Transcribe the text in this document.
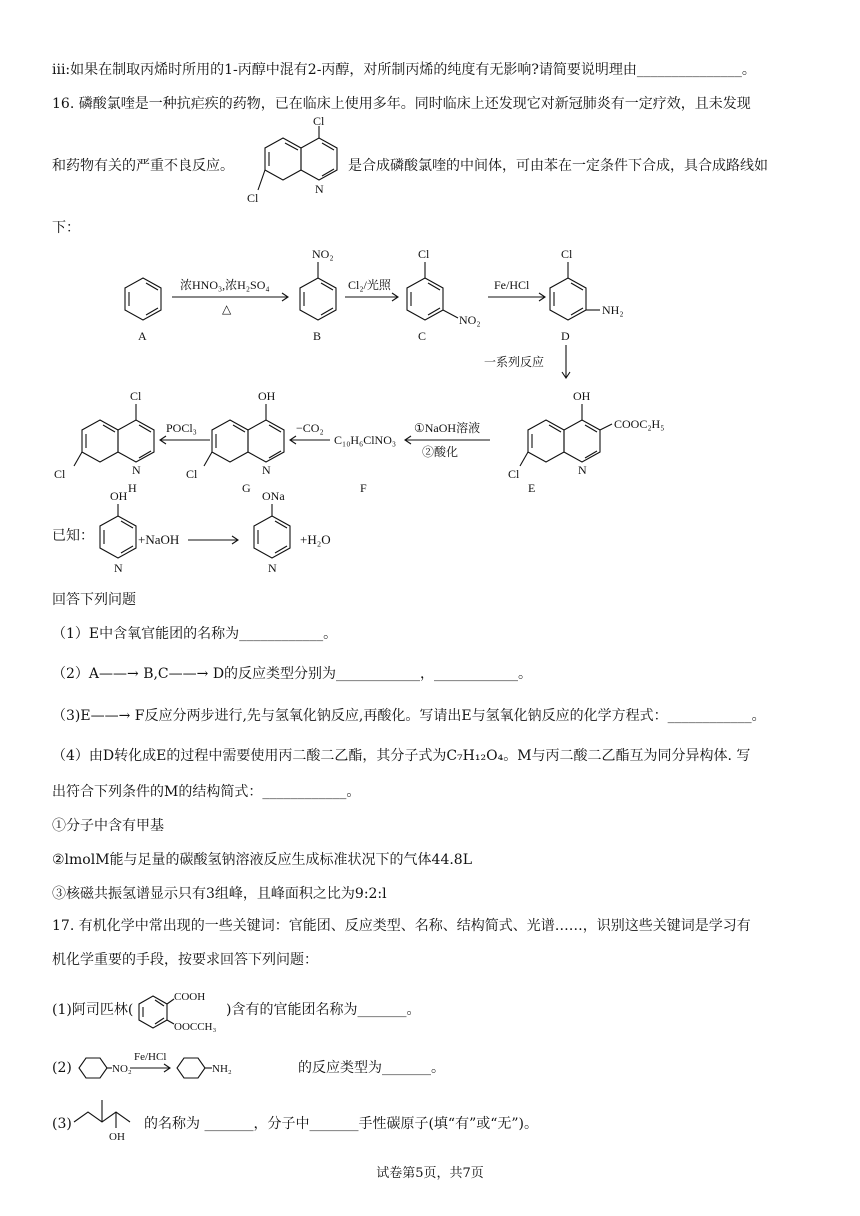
iii:如果在制取丙烯时所用的1-丙醇中混有2-丙醇，对所制丙烯的纯度有无影响?请简要说明理由_______________。
16. 磷酸氯喹是一种抗疟疾的药物，已在临床上使用多年。同时临床上还发现它对新冠肺炎有一定疗效，且未发现
和药物有关的严重不良反应。	是合成磷酸氯喹的中间体，可由苯在一定条件下合成，具合成路线如
下：
已知：
回答下列问题
（1）E中含氧官能团的名称为____________。
（2）A——→ B,C——→ D的反应类型分别为____________，____________。
（3)E——→ F反应分两步进行,先与氢氧化钠反应,再酸化。写请出E与氢氧化钠反应的化学方程式：____________。
（4）由D转化成E的过程中需要使用丙二酸二乙酯，其分子式为C₇H₁₂O₄。M与丙二酸二乙酯互为同分异构体. 写
出符合下列条件的M的结构简式：____________。
①分子中含有甲基
②lmolM能与足量的碳酸氢钠溶液反应生成标准状况下的气体44.8L
③核磁共振氢谱显示只有3组峰，且峰面积之比为9:2:l
17. 有机化学中常出现的一些关键词：官能团、反应类型、名称、结构简式、光谱……，识别这些关键词是学习有
机化学重要的手段，按要求回答下列问题：
(1)阿司匹林(	)含有的官能团名称为_______。
(2)	的反应类型为_______。
(3)	的名称为 _______，分子中_______手性碳原子(填“有”或“无”)。
试卷第5页，共7页
Cl
Cl
N
A
浓HNO₃,浓H₂SO₄
△
NO₂
B
Cl₂/光照
Cl
NO₂
C
Fe/HCl
Cl
NH₂
D
一系列反应
OH
COOC₂H₅
Cl	N
E
①NaOH溶液
②酸化
C₁₀H₆ClNO₃
F
−CO₂
OH
Cl	N
G
POCl₃
Cl
Cl	N
H
OH
N
+NaOH
ONa
N
+H₂O
COOH
OOCCH₃
NO₂
Fe/HCl
NH₂
OH
